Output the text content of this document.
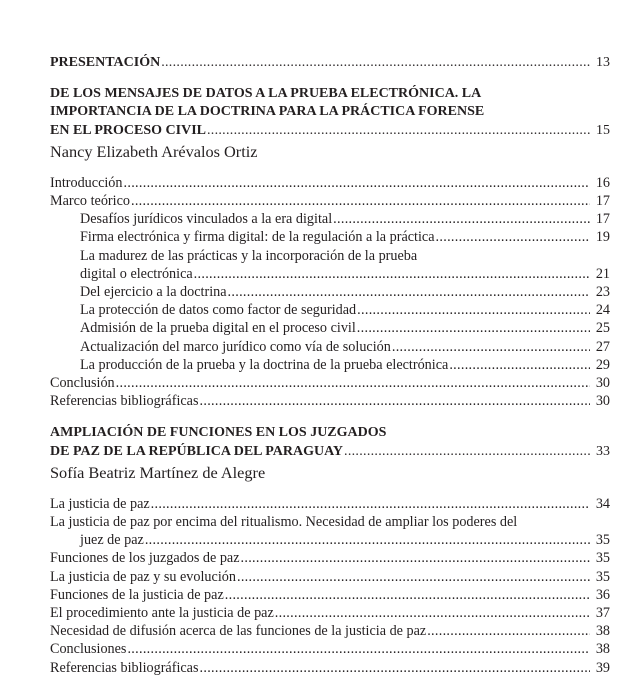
PRESENTACIÓN .....	13
DE LOS MENSAJES DE DATOS A LA PRUEBA ELECTRÓNICA. LA
IMPORTANCIA DE LA DOCTRINA PARA LA PRÁCTICA FORENSE
EN EL PROCESO CIVIL .....	15
Nancy Elizabeth Arévalos Ortiz
Introducción .....	16
Marco teórico .....	17
Desafíos jurídicos vinculados a la era digital .....	17
Firma electrónica y firma digital: de la regulación a la práctica .....	19
La madurez de las prácticas y la incorporación de la prueba
digital o electrónica .....	21
Del ejercicio a la doctrina .....	23
La protección de datos como factor de seguridad .....	24
Admisión de la prueba digital en el proceso civil .....	25
Actualización del marco jurídico como vía de solución .....	27
La producción de la prueba y la doctrina de la prueba electrónica .....	29
Conclusión .....	30
Referencias bibliográficas .....	30
AMPLIACIÓN DE FUNCIONES EN LOS JUZGADOS
DE PAZ DE LA REPÚBLICA DEL PARAGUAY .....	33
Sofía Beatriz Martínez de Alegre
La justicia de paz .....	34
La justicia de paz por encima del ritualismo. Necesidad de ampliar los poderes del
juez de paz .....	35
Funciones de los juzgados de paz .....	35
La justicia de paz y su evolución .....	35
Funciones de la justicia de paz .....	36
El procedimiento ante la justicia de paz .....	37
Necesidad de difusión acerca de las funciones de la justicia de paz .....	38
Conclusiones .....	38
Referencias bibliográficas .....	39
